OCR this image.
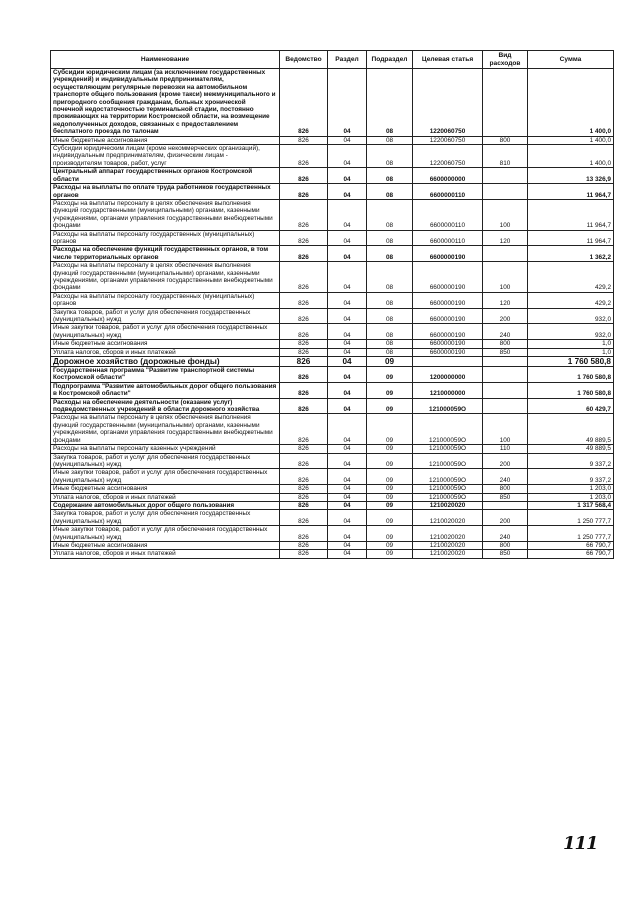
Наименование	Ведомство	Раздел	Подраздел	Целевая статья	Вид расходов	Сумма
Субсидии юридическим лицам (за исключением государственных учреждений) и индивидуальным предпринимателям, осуществляющим регулярные перевозки на автомобильном транспорте общего пользования (кроме такси) межмуниципального и пригородного сообщения гражданам, больных хронической почечной недостаточностью терминальной стадии, постоянно проживающих на территории Костромской области, на возмещение недополученных доходов, связанных с предоставлением бесплатного проезда по талонам	826	04	08	1220060750		1 400,0
Иные бюджетные ассигнования	826	04	08	1220060750	800	1 400,0
Субсидии юридическим лицам (кроме некоммерческих организаций), индивидуальным предпринимателям, физическим лицам - производителям товаров, работ, услуг	826	04	08	1220060750	810	1 400,0
Центральный аппарат государственных органов Костромской области	826	04	08	6600000000		13 326,9
Расходы на выплаты по оплате труда работников государственных органов	826	04	08	6600000110		11 964,7
Расходы на выплаты персоналу в целях обеспечения выполнения функций государственными (муниципальными) органами, казенными учреждениями, органами управления государственными внебюджетными фондами	826	04	08	6600000110	100	11 964,7
Расходы на выплаты персоналу государственных (муниципальных) органов	826	04	08	6600000110	120	11 964,7
Расходы на обеспечение функций государственных органов, в том числе территориальных органов	826	04	08	6600000190		1 362,2
Расходы на выплаты персоналу в целях обеспечения выполнения функций государственными (муниципальными) органами, казенными учреждениями, органами управления государственными внебюджетными фондами	826	04	08	6600000190	100	429,2
Расходы на выплаты персоналу государственных (муниципальных) органов	826	04	08	6600000190	120	429,2
Закупка товаров, работ и услуг для обеспечения государственных (муниципальных) нужд	826	04	08	6600000190	200	932,0
Иные закупки товаров, работ и услуг для обеспечения государственных (муниципальных) нужд	826	04	08	6600000190	240	932,0
Иные бюджетные ассигнования	826	04	08	6600000190	800	1,0
Уплата налогов, сборов и иных платежей	826	04	08	6600000190	850	1,0
Дорожное хозяйство (дорожные фонды)	826	04	09			1 760 580,8
Государственная программа "Развитие транспортной системы Костромской области"	826	04	09	1200000000		1 760 580,8
Подпрограмма "Развитие автомобильных дорог общего пользования в Костромской области"	826	04	09	1210000000		1 760 580,8
Расходы на обеспечение деятельности (оказание услуг) подведомственных учреждений в области дорожного хозяйства	826	04	09	121000059О		60 429,7
Расходы на выплаты персоналу в целях обеспечения выполнения функций государственными (муниципальными) органами, казенными учреждениями, органами управления государственными внебюджетными фондами	826	04	09	121000059О	100	49 889,5
Расходы на выплаты персоналу казенных учреждений	826	04	09	121000059О	110	49 889,5
Закупка товаров, работ и услуг для обеспечения государственных (муниципальных) нужд	826	04	09	121000059О	200	9 337,2
Иные закупки товаров, работ и услуг для обеспечения государственных (муниципальных) нужд	826	04	09	121000059О	240	9 337,2
Иные бюджетные ассигнования	826	04	09	121000059О	800	1 203,0
Уплата налогов, сборов и иных платежей	826	04	09	121000059О	850	1 203,0
Содержание автомобильных дорог общего пользования	826	04	09	1210020020		1 317 568,4
Закупка товаров, работ и услуг для обеспечения государственных (муниципальных) нужд	826	04	09	1210020020	200	1 250 777,7
Иные закупки товаров, работ и услуг для обеспечения государственных (муниципальных) нужд	826	04	09	1210020020	240	1 250 777,7
Иные бюджетные ассигнования	826	04	09	1210020020	800	66 790,7
Уплата налогов, сборов и иных платежей	826	04	09	1210020020	850	66 790,7
111
